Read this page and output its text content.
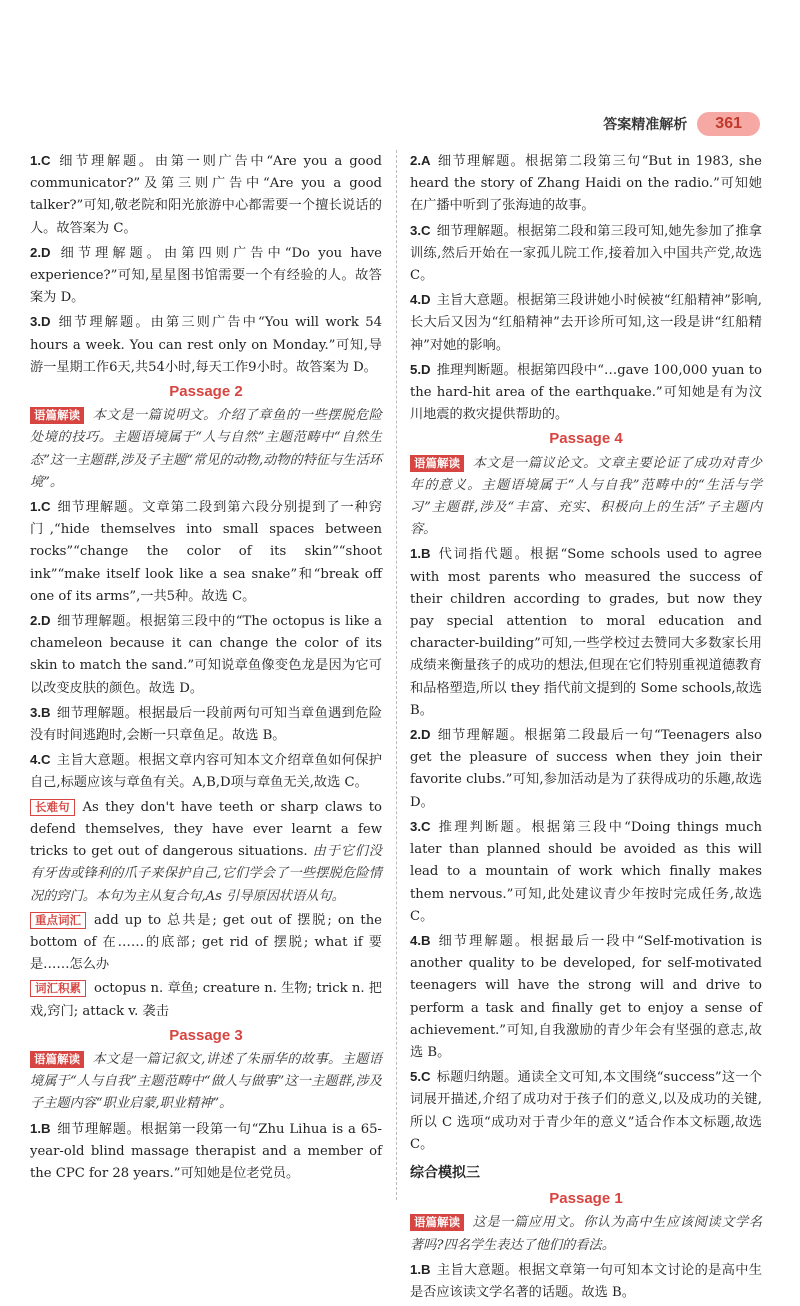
答案精准解析	361
1.C 细节理解题。由第一则广告中“Are you a good communicator?”及第三则广告中“Are you a good talker?”可知,敬老院和阳光旅游中心都需要一个擅长说话的人。故答案为 C。
2.D 细节理解题。由第四则广告中“Do you have experience?”可知,星星图书馆需要一个有经验的人。故答案为 D。
3.D 细节理解题。由第三则广告中“You will work 54 hours a week. You can rest only on Monday.”可知,导游一星期工作6天,共54小时,每天工作9小时。故答案为 D。
Passage 2
语篇解读 本文是一篇说明文。介绍了章鱼的一些摆脱危险处境的技巧。主题语境属于“人与自然”主题范畴中“自然生态”这一主题群,涉及子主题“常见的动物,动物的特征与生活环境”。
1.C 细节理解题。文章第二段到第六段分别提到了一种窍门,“hide themselves into small spaces between rocks”“change the color of its skin”“shoot ink”“make itself look like a sea snake”和“break off one of its arms”,一共5种。故选 C。
2.D 细节理解题。根据第三段中的“The octopus is like a chameleon because it can change the color of its skin to match the sand.”可知说章鱼像变色龙是因为它可以改变皮肤的颜色。故选 D。
3.B 细节理解题。根据最后一段前两句可知当章鱼遇到危险没有时间逃跑时,会断一只章鱼足。故选 B。
4.C 主旨大意题。根据文章内容可知本文介绍章鱼如何保护自己,标题应该与章鱼有关。A,B,D项与章鱼无关,故选 C。
长难句 As they don't have teeth or sharp claws to defend themselves, they have ever learnt a few tricks to get out of dangerous situations. 由于它们没有牙齿或锋利的爪子来保护自己,它们学会了一些摆脱危险情况的窍门。本句为主从复合句,As 引导原因状语从句。
重点词汇 add up to 总共是; get out of 摆脱; on the bottom of 在……的底部; get rid of 摆脱; what if 要是……怎么办
词汇积累 octopus n. 章鱼; creature n. 生物; trick n. 把戏,窍门; attack v. 袭击
Passage 3
语篇解读 本文是一篇记叙文,讲述了朱丽华的故事。主题语境属于“人与自我”主题范畴中“做人与做事”这一主题群,涉及子主题内容“职业启蒙,职业精神”。
1.B 细节理解题。根据第一段第一句“Zhu Lihua is a 65-year-old blind massage therapist and a member of the CPC for 28 years.”可知她是位老党员。
2.A 细节理解题。根据第二段第三句“But in 1983, she heard the story of Zhang Haidi on the radio.”可知她在广播中听到了张海迪的故事。
3.C 细节理解题。根据第二段和第三段可知,她先参加了推拿训练,然后开始在一家孤儿院工作,接着加入中国共产党,故选 C。
4.D 主旨大意题。根据第三段讲她小时候被“红船精神”影响,长大后又因为“红船精神”去开诊所可知,这一段是讲“红船精神”对她的影响。
5.D 推理判断题。根据第四段中“…gave 100,000 yuan to the hard-hit area of the earthquake.”可知她是有为汶川地震的救灾提供帮助的。
Passage 4
语篇解读 本文是一篇议论文。文章主要论证了成功对青少年的意义。主题语境属于“人与自我”范畴中的“生活与学习”主题群,涉及“丰富、充实、积极向上的生活”子主题内容。
1.B 代词指代题。根据“Some schools used to agree with most parents who measured the success of their children according to grades, but now they pay special attention to moral education and character-building”可知,一些学校过去赞同大多数家长用成绩来衡量孩子的成功的想法,但现在它们特别重视道德教育和品格塑造,所以 they 指代前文提到的 Some schools,故选 B。
2.D 细节理解题。根据第二段最后一句“Teenagers also get the pleasure of success when they join their favorite clubs.”可知,参加活动是为了获得成功的乐趣,故选 D。
3.C 推理判断题。根据第三段中“Doing things much later than planned should be avoided as this will lead to a mountain of work which finally makes them nervous.”可知,此处建议青少年按时完成任务,故选 C。
4.B 细节理解题。根据最后一段中“Self-motivation is another quality to be developed, for self-motivated teenagers will have the strong will and drive to perform a task and finally get to enjoy a sense of achievement.”可知,自我激励的青少年会有坚强的意志,故选 B。
5.C 标题归纳题。通读全文可知,本文围绕“success”这一个词展开描述,介绍了成功对于孩子们的意义,以及成功的关键,所以 C 选项“成功对于青少年的意义”适合作本文标题,故选 C。
综合模拟三
Passage 1
语篇解读 这是一篇应用文。你认为高中生应该阅读文学名著吗?四名学生表达了他们的看法。
1.B 主旨大意题。根据文章第一句可知本文讨论的是高中生是否应该读文学名著的话题。故选 B。
